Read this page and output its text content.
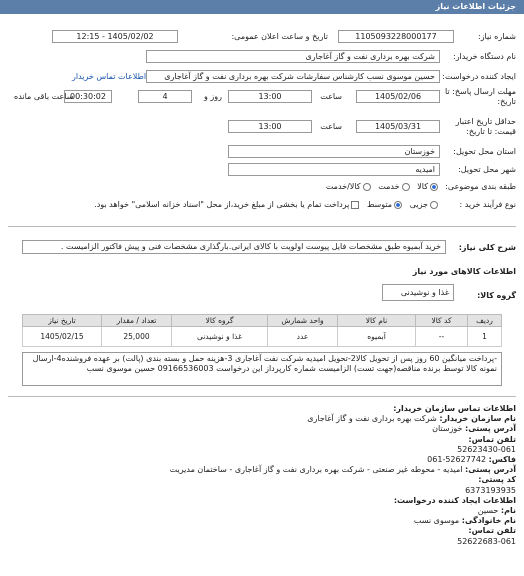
جزئیات اطلاعات نیاز
شماره نیاز:
1105093228000177
تاریخ و ساعت اعلان عمومی:
1405/02/02 - 12:15
نام دستگاه خریدار:
شرکت بهره برداری نفت و گاز آغاجاری
ایجاد کننده درخواست:
حسین موسوی نسب کارشناس سفارشات شرکت بهره برداری نفت و گاز آغاجاری
اطلاعات تماس خریدار
مهلت ارسال پاسخ: تا
تاریخ:
1405/02/06
ساعت
13:00
4	روز و
00:30:02
ساعت باقی مانده
حداقل تاریخ اعتبار
قیمت: تا تاریخ:
1405/03/31
ساعت
13:00
استان محل تحویل:
خوزستان
شهر محل تحویل:
امیدیه
طبقه بندی موضوعی:
کالا   خدمت   کالا/خدمت
نوع فرآیند خرید :
جزیی   متوسط   پرداخت تمام یا بخشی از مبلغ خرید،از محل "اسناد خزانه اسلامی" خواهد بود.
شرح کلی نیاز:
خرید آبمیوه طبق مشخصات فایل پیوست اولویت با کالای ایرانی.بارگذاری مشخصات فنی و پیش فاکتور الزامیست .
اطلاعات کالاهای مورد نیاز
گروه کالا:
غذا و نوشیدنی
ردیف	کد کالا	نام کالا	واحد شمارش	گروه کالا	تعداد / مقدار	تاریخ نیاز
1	--	آبمیوه	عدد	غذا و نوشیدنی	25,000	1405/02/15
-پرداخت میانگین 60 روز پس از تحویل کالا2-تحویل امیدیه شرکت نفت آغاجاری 3-هزینه حمل و بسته بندی (پالت) بر عهده فروشنده4-ارسال نمونه کالا توسط برنده مناقصه(جهت تست) الزامیست شماره کارپرداز این درخواست 09166536003 حسین موسوی نسب
اطلاعات تماس سازمان خریدار:
نام سازمان خریدار: شرکت بهره برداری نفت و گاز آغاجاری
آدرس پستی: خوزستان
تلفن تماس:
52623430-061
فاکس: 52627742-061
آدرس پستی: امیدیه - محوطه غیر صنعتی - شرکت بهره برداری نفت و گاز آغاجاری - ساختمان مدیریت
کد پستی:
6373193935
اطلاعات ایجاد کننده درخواست:
نام: حسین
نام خانوادگی: موسوی نسب
تلفن تماس:
52622683-061
